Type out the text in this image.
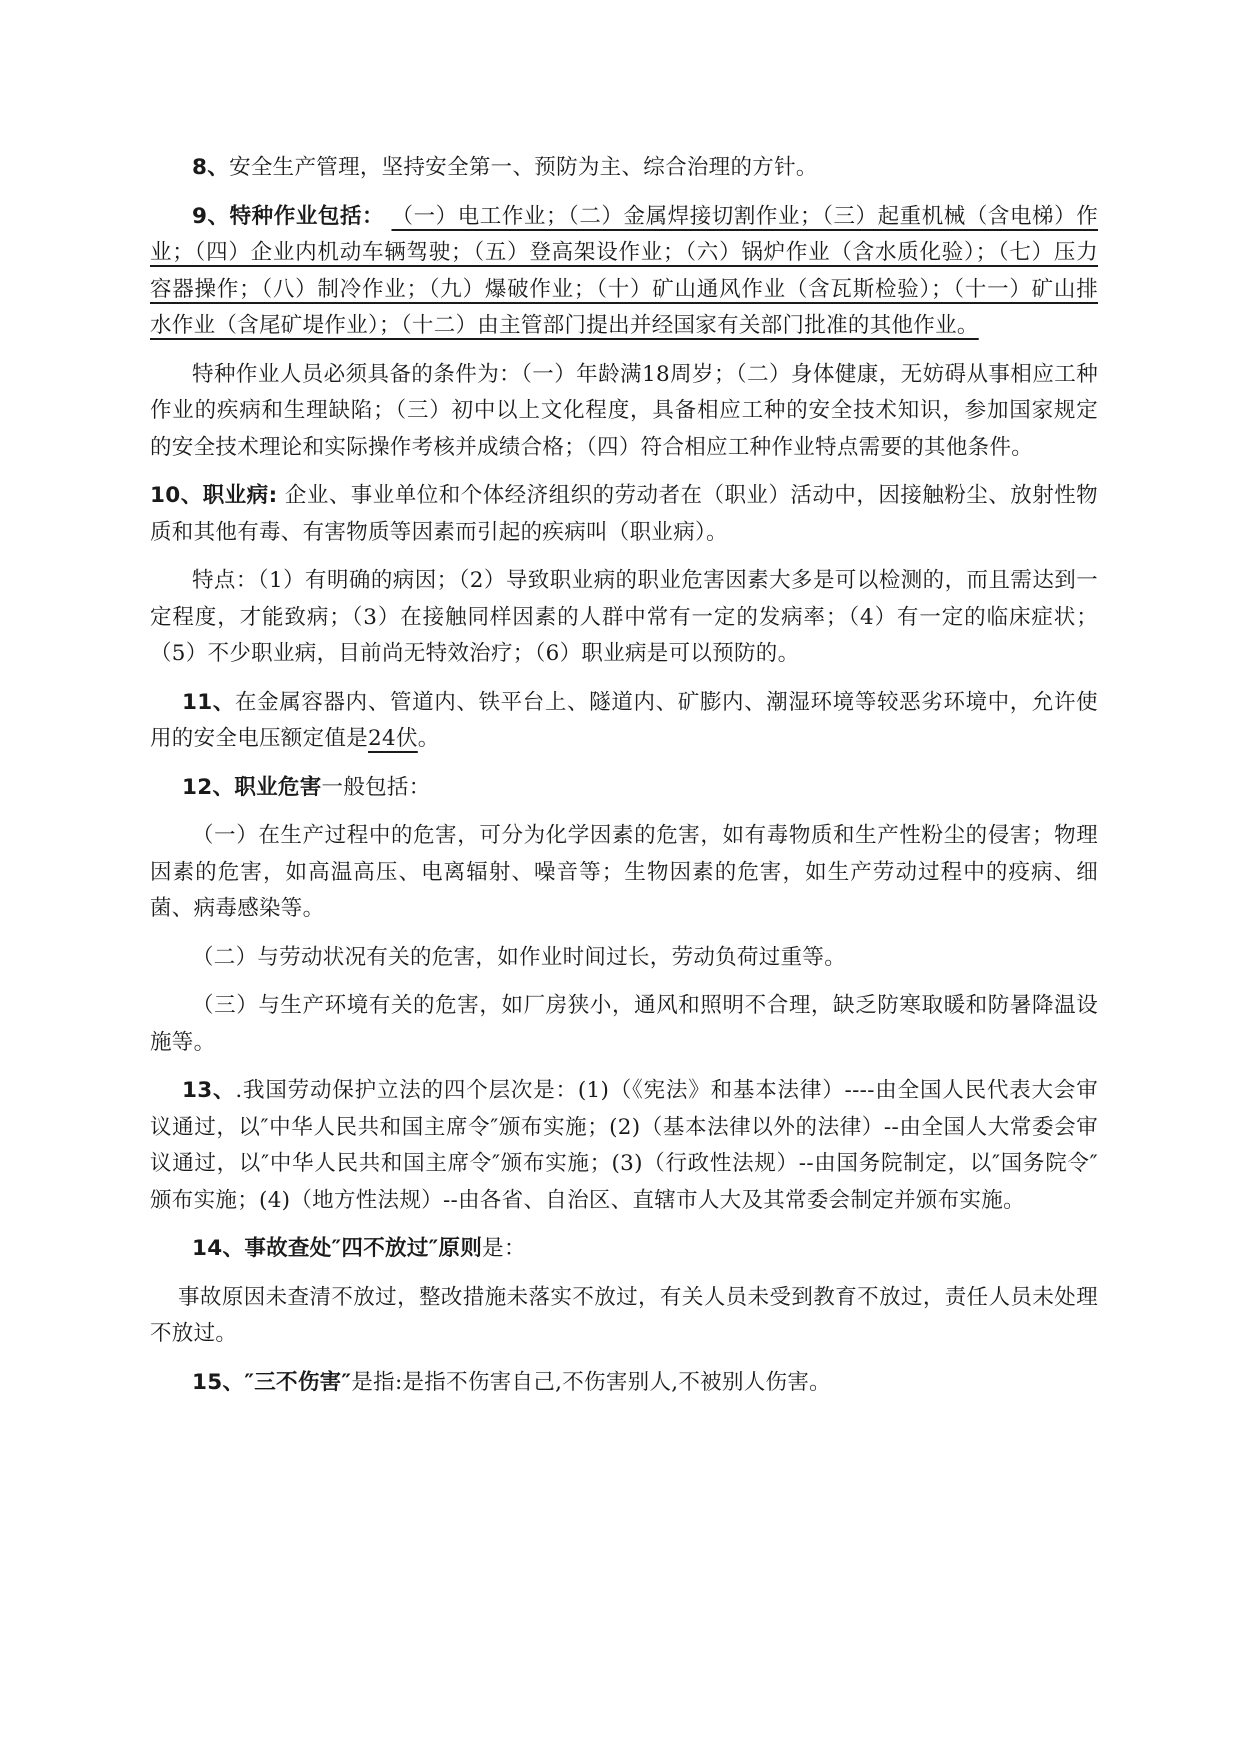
8、安全生产管理，坚持安全第一、预防为主、综合治理的方针。

9、特种作业包括： （一）电工作业；（二）金属焊接切割作业；（三）起重机械（含电梯）作业；（四）企业内机动车辆驾驶；（五）登高架设作业；（六）锅炉作业（含水质化验）；（七）压力容器操作；（八）制冷作业；（九）爆破作业；（十）矿山通风作业（含瓦斯检验）；（十一）矿山排水作业（含尾矿堤作业）；（十二）由主管部门提出并经国家有关部门批准的其他作业。

特种作业人员必须具备的条件为：（一）年龄满18周岁；（二）身体健康，无妨碍从事相应工种作业的疾病和生理缺陷；（三）初中以上文化程度，具备相应工种的安全技术知识，参加国家规定的安全技术理论和实际操作考核并成绩合格；（四）符合相应工种作业特点需要的其他条件。

10、职业病: 企业、事业单位和个体经济组织的劳动者在（职业）活动中，因接触粉尘、放射性物质和其他有毒、有害物质等因素而引起的疾病叫（职业病）。

特点：（1）有明确的病因；（2）导致职业病的职业危害因素大多是可以检测的，而且需达到一定程度，才能致病；（3）在接触同样因素的人群中常有一定的发病率；（4）有一定的临床症状；（5）不少职业病，目前尚无特效治疗；（6）职业病是可以预防的。

11、在金属容器内、管道内、铁平台上、隧道内、矿膨内、潮湿环境等较恶劣环境中，允许使用的安全电压额定值是24伏。

12、职业危害一般包括：

（一）在生产过程中的危害，可分为化学因素的危害，如有毒物质和生产性粉尘的侵害；物理因素的危害，如高温高压、电离辐射、噪音等；生物因素的危害，如生产劳动过程中的疫病、细菌、病毒感染等。

（二）与劳动状况有关的危害，如作业时间过长，劳动负荷过重等。

（三）与生产环境有关的危害，如厂房狭小，通风和照明不合理，缺乏防寒取暖和防暑降温设施等。

13、.我国劳动保护立法的四个层次是：(1)（《宪法》和基本法律）----由全国人民代表大会审议通过，以″中华人民共和国主席令″颁布实施；(2)（基本法律以外的法律）--由全国人大常委会审议通过，以″中华人民共和国主席令″颁布实施；(3)（行政性法规）--由国务院制定，以″国务院令″颁布实施；(4)（地方性法规）--由各省、自治区、直辖市人大及其常委会制定并颁布实施。

14、事故查处″四不放过″原则是：

事故原因未查清不放过，整改措施未落实不放过，有关人员未受到教育不放过，责任人员未处理不放过。

15、″三不伤害″是指:是指不伤害自己,不伤害别人,不被别人伤害。
